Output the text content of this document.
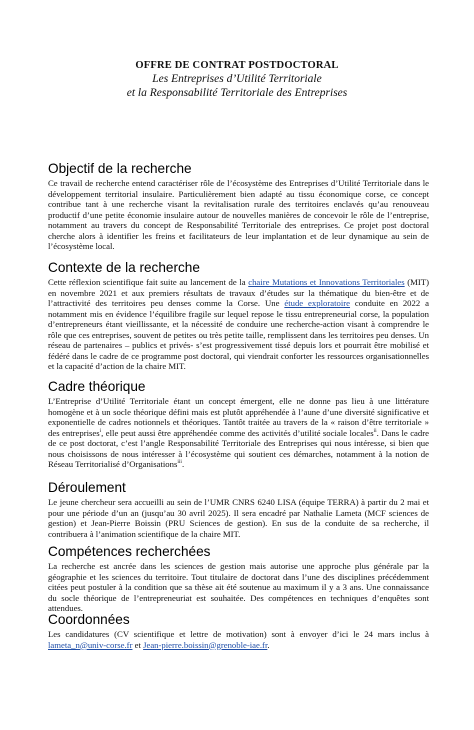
OFFRE DE CONTRAT POSTDOCTORAL
Les Entreprises d’Utilité Territoriale
et la Responsabilité Territoriale des Entreprises
Objectif de la recherche

Ce travail de recherche entend caractériser rôle de l’écosystème des Entreprises d’Utilité Territoriale dans le développement territorial insulaire. Particulièrement bien adapté au tissu économique corse, ce concept contribue tant à une recherche visant la revitalisation rurale des territoires enclavés qu’au renouveau productif d’une petite économie insulaire autour de nouvelles manières de concevoir le rôle de l’entreprise, notamment au travers du concept de Responsabilité Territoriale des entreprises. Ce projet post doctoral cherche alors à identifier les freins et facilitateurs de leur implantation et de leur dynamique au sein de l’écosystème local.

Contexte de la recherche

Cette réflexion scientifique fait suite au lancement de la chaire Mutations et Innovations Territoriales (MIT) en novembre 2021 et aux premiers résultats de travaux d’études sur la thématique du bien-être et de l’attractivité des territoires peu denses comme la Corse. Une étude exploratoire conduite en 2022 a notamment mis en évidence l’équilibre fragile sur lequel repose le tissu entrepreneurial corse, la population d’entrepreneurs étant vieillissante, et la nécessité de conduire une recherche-action visant à comprendre le rôle que ces entreprises, souvent de petites ou très petite taille, remplissent dans les territoires peu denses. Un réseau de partenaires – publics et privés- s’est progressivement tissé depuis lors et pourrait être mobilisé et fédéré dans le cadre de ce programme post doctoral, qui viendrait conforter les ressources organisationnelles et la capacité d’action de la chaire MIT.

Cadre théorique

L’Entreprise d’Utilité Territoriale étant un concept émergent, elle ne donne pas lieu à une littérature homogène et à un socle théorique défini mais est plutôt appréhendée à l’aune d’une diversité significative et exponentielle de cadres notionnels et théoriques. Tantôt traitée au travers de la « raison d’être territoriale » des entreprises$^i$, elle peut aussi être appréhendée comme des activités d’utilité sociale locales$^{ii}$. Dans le cadre de ce post doctorat, c’est l’angle Responsabilité Territoriale des Entreprises qui nous intéresse, si bien que nous choisissons de nous intéresser à l’écosystème qui soutient ces démarches, notamment à la notion de Réseau Territorialisé d’Organisations$^{iii}$.

Déroulement

Le jeune chercheur sera accueilli au sein de l’UMR CNRS 6240 LISA (équipe TERRA) à partir du 2 mai et pour une période d’un an (jusqu’au 30 avril 2025). Il sera encadré par Nathalie Lameta (MCF sciences de gestion) et Jean-Pierre Boissin (PRU Sciences de gestion). En sus de la conduite de sa recherche, il contribuera à l’animation scientifique de la chaire MIT.

Compétences recherchées

La recherche est ancrée dans les sciences de gestion mais autorise une approche plus générale par la géographie et les sciences du territoire. Tout titulaire de doctorat dans l’une des disciplines précédemment citées peut postuler à la condition que sa thèse ait été soutenue au maximum il y a 3 ans. Une connaissance du socle théorique de l’entrepreneuriat est souhaitée. Des compétences en techniques d’enquêtes sont attendues.

Coordonnées

Les candidatures (CV scientifique et lettre de motivation) sont à envoyer d’ici le 24 mars inclus à lameta_n@univ-corse.fr et Jean-pierre.boissin@grenoble-iae.fr.
